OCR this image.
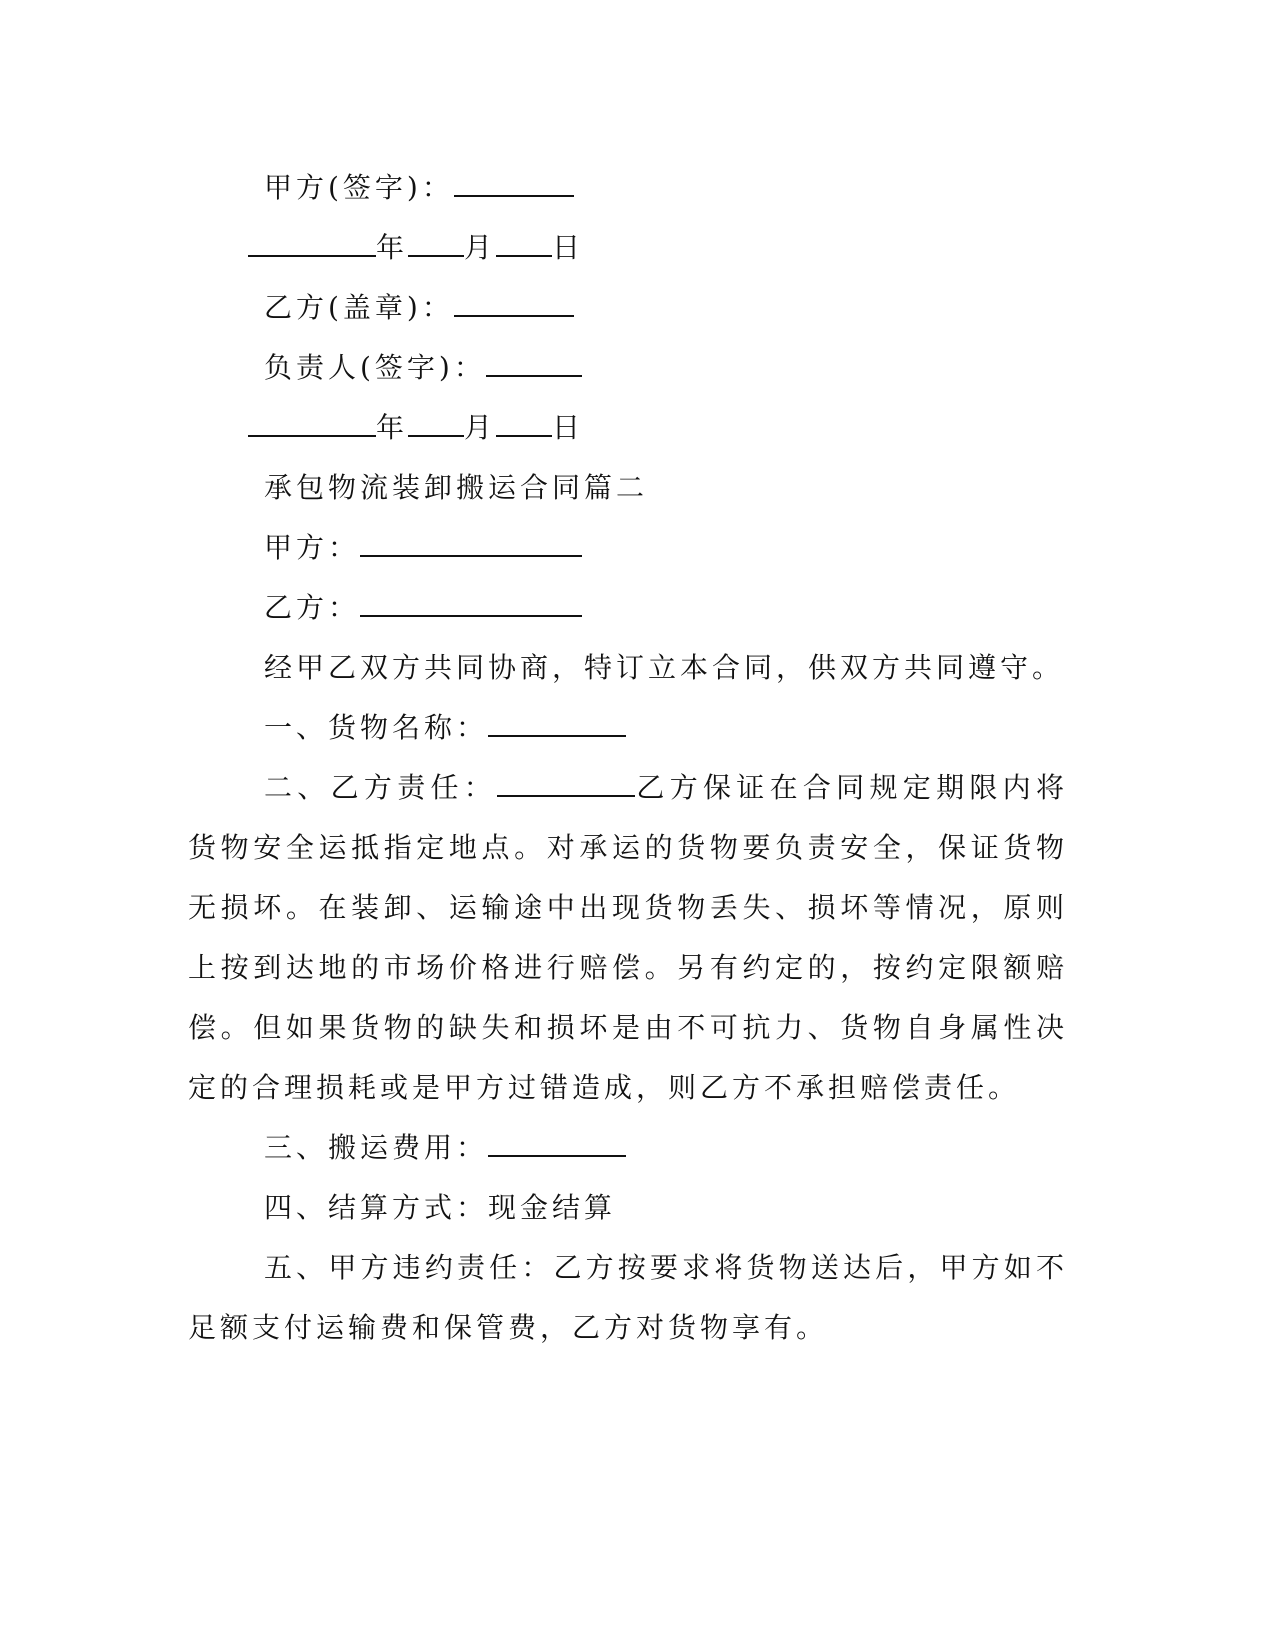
甲方(签字)：
年 月 日
乙方(盖章)：
负责人(签字)：
年 月 日
承包物流装卸搬运合同篇二
甲方：
乙方：
经甲乙双方共同协商，特订立本合同，供双方共同遵守。
一、货物名称：

二、乙方责任：	乙方保证在合同规定期限内将货物安全运抵指定地点。对承运的货物要负责安全，保证货物无损坏。在装卸、运输途中出现货物丢失、损坏等情况，原则上按到达地的市场价格进行赔偿。另有约定的，按约定限额赔偿。但如果货物的缺失和损坏是由不可抗力、货物自身属性决定的合理损耗或是甲方过错造成，则乙方不承担赔偿责任。

三、搬运费用：
四、结算方式：现金结算

五、甲方违约责任：乙方按要求将货物送达后，甲方如不足额支付运输费和保管费，乙方对货物享有。
